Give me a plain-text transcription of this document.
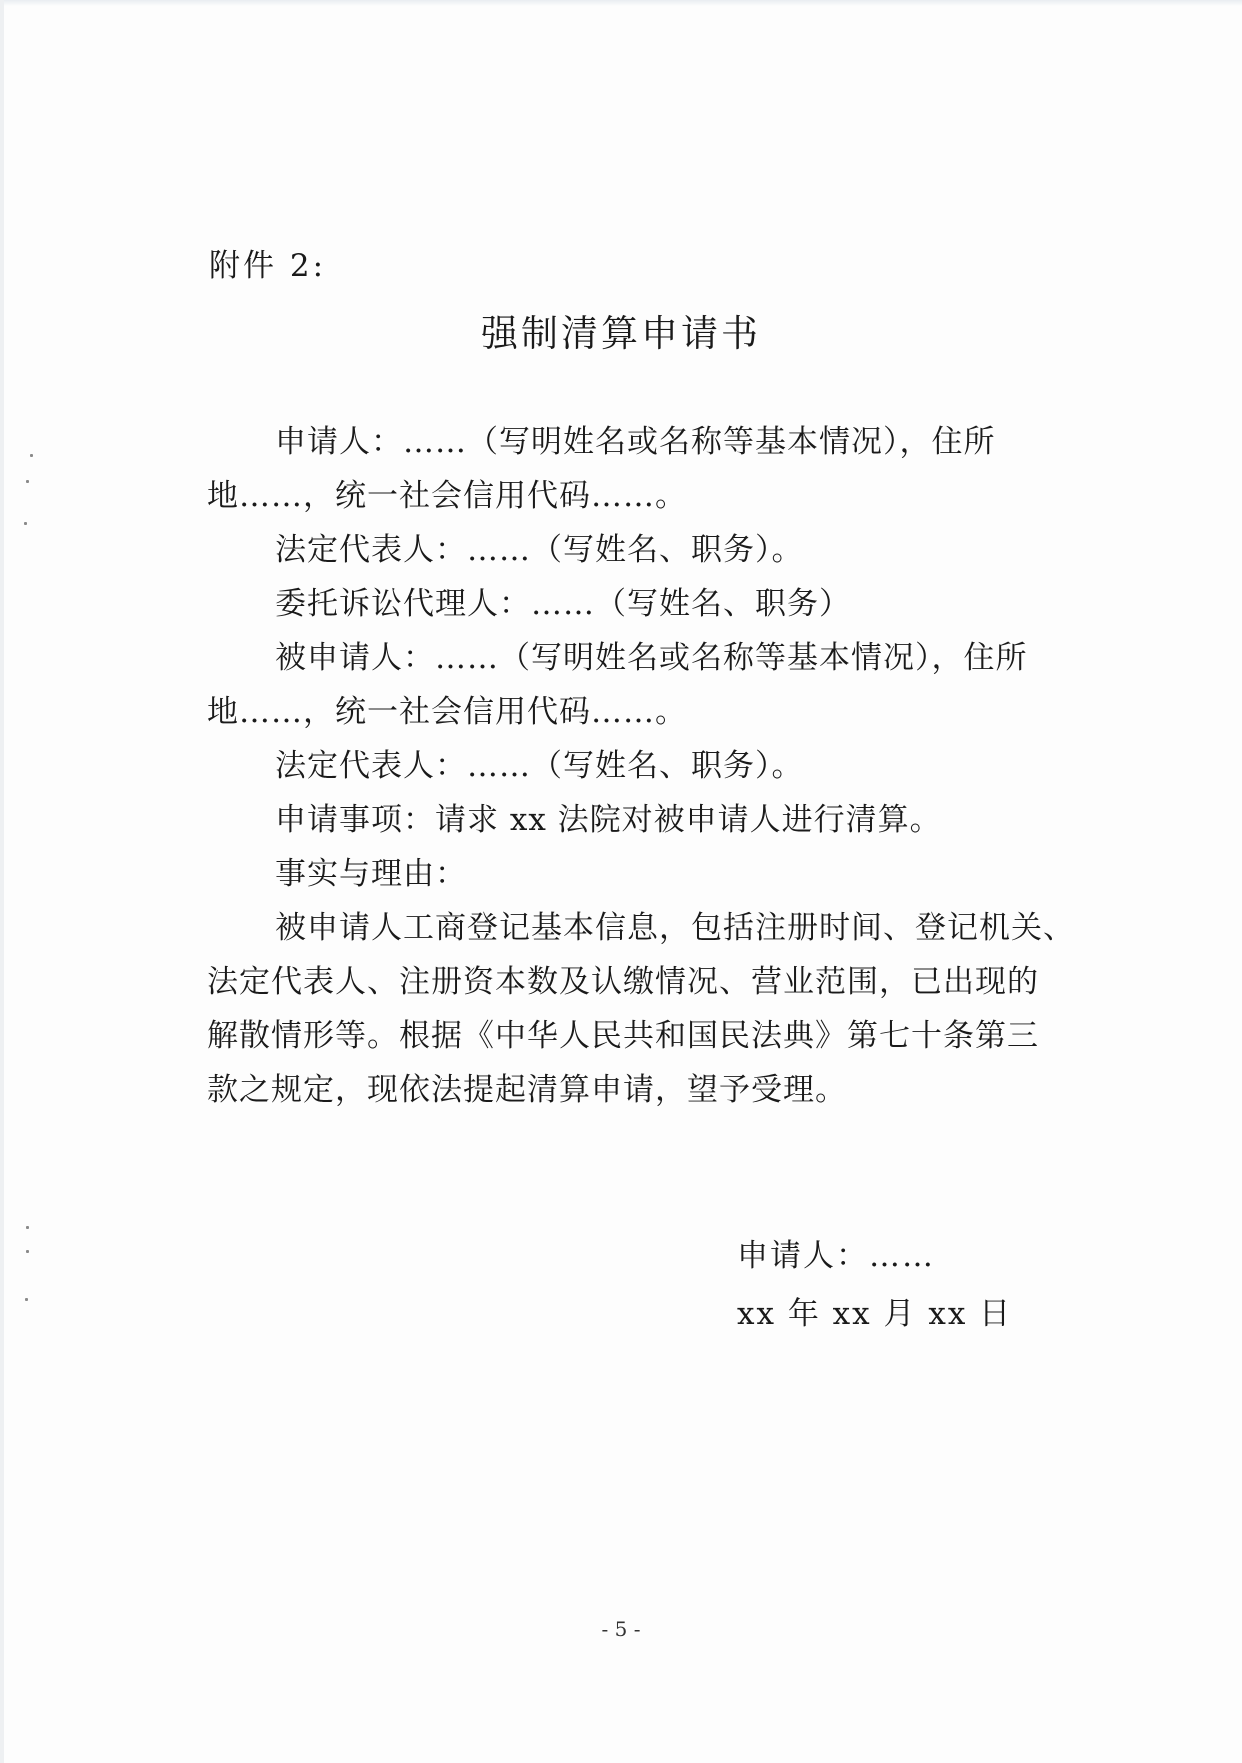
附件 2:
强制清算申请书
申请人：……（写明姓名或名称等基本情况），住所
地……，统一社会信用代码……。
法定代表人：……（写姓名、职务）。
委托诉讼代理人：……（写姓名、职务）
被申请人：……（写明姓名或名称等基本情况），住所
地……，统一社会信用代码……。
法定代表人：……（写姓名、职务）。
申请事项：请求 xx 法院对被申请人进行清算。
事实与理由：
被申请人工商登记基本信息，包括注册时间、登记机关、
法定代表人、注册资本数及认缴情况、营业范围，已出现的
解散情形等。根据《中华人民共和国民法典》第七十条第三
款之规定，现依法提起清算申请，望予受理。
申请人：……
xx 年 xx 月 xx 日
- 5 -
